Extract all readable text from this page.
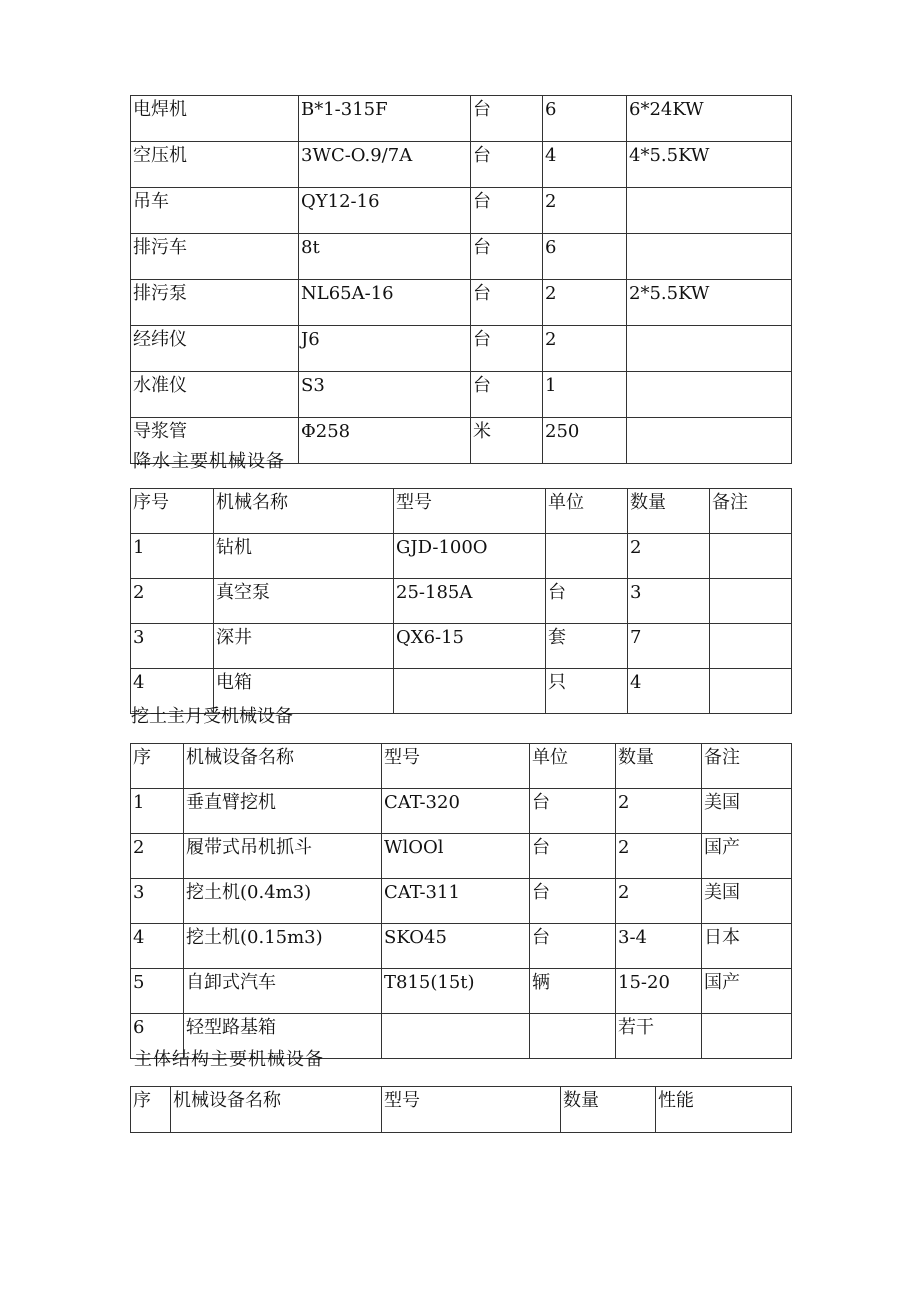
电焊机	B*1-315F	台	6	6*24KW
空压机	3WC-O.9/7A	台	4	4*5.5KW
吊车	QY12-16	台	2	
排污车	8t	台	6	
排污泵	NL65A-16	台	2	2*5.5KW
经纬仪	J6	台	2	
水准仪	S3	台	1	
导浆管	Φ258	米	250	
降水主要机械设备
序号	机械名称	型号	单位	数量	备注
1	钻机	GJD-100O		2	
2	真空泵	25-185A	台	3	
3	深井	QX6-15	套	7	
4	电箱		只	4	
挖土主月受机械设备
序	机械设备名称	型号	单位	数量	备注
1	垂直臂挖机	CAT-320	台	2	美国
2	履带式吊机抓斗	WlOOl	台	2	国产
3	挖土机(0.4m3)	CAT-311	台	2	美国
4	挖土机(0.15m3)	SKO45	台	3-4	日本
5	自卸式汽车	T815(15t)	辆	15-20	国产
6	轻型路基箱			若干	
主体结构主要机械设备
序	机械设备名称	型号	数量	性能
